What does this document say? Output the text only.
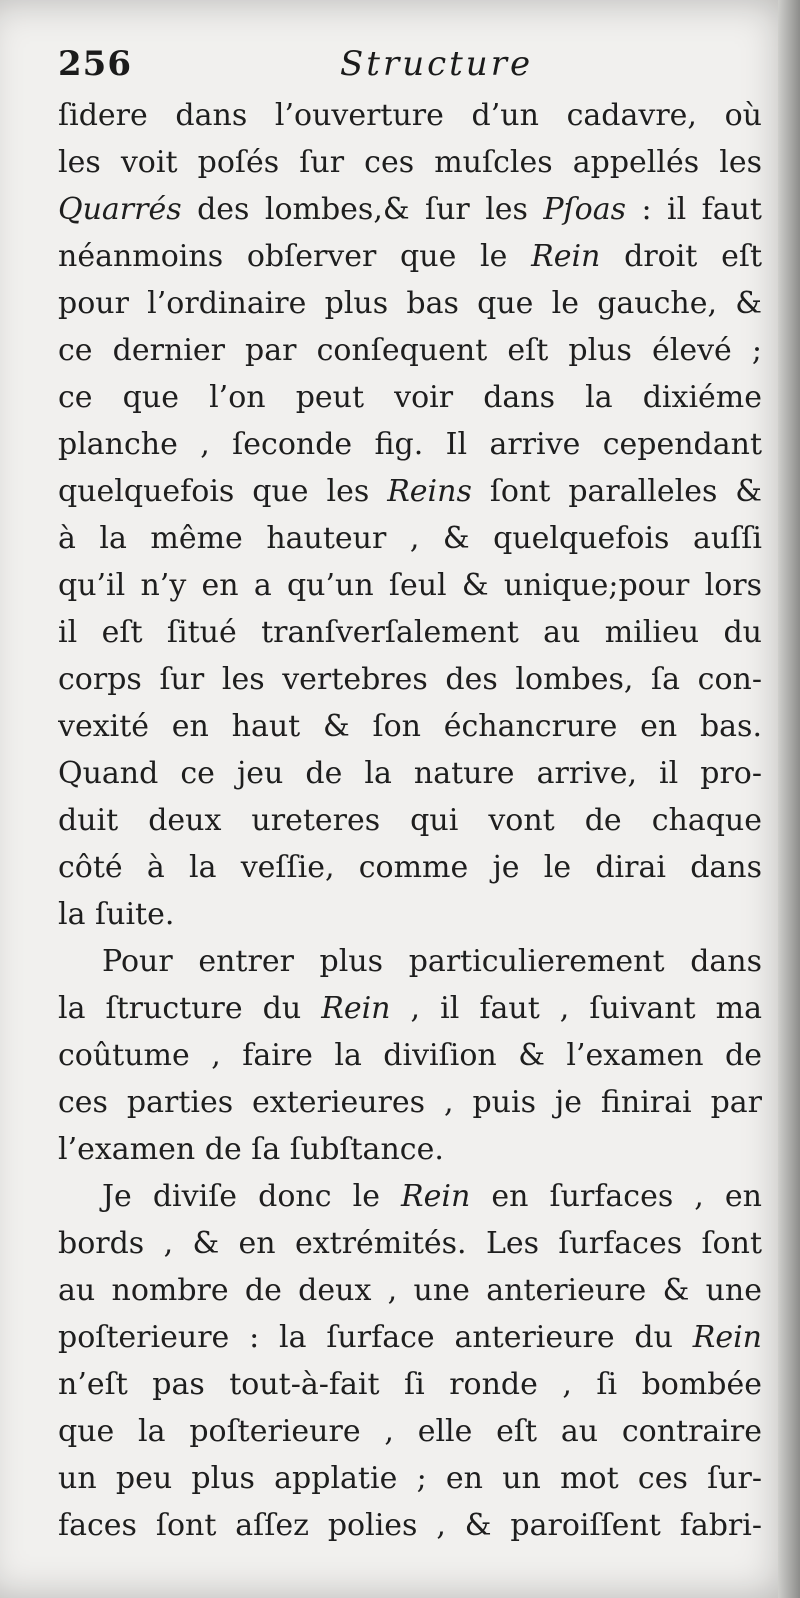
256	Structure
ſidere dans l’ouverture d’un cadavre, où
les voit poſés ſur ces muſcles appellés les
Quarrés des lombes,& ſur les Pſoas : il faut
néanmoins obſerver que le Rein droit eſt
pour l’ordinaire plus bas que le gauche, &
ce dernier par conſequent eſt plus élevé ;
ce que l’on peut voir dans la dixiéme
planche , ſeconde fig. Il arrive cependant
quelquefois que les Reins ſont paralleles &
à la même hauteur , & quelquefois auſſi
qu’il n’y en a qu’un ſeul & unique;pour lors
il eſt ſitué tranſverſalement au milieu du
corps ſur les vertebres des lombes, ſa con-
vexité en haut & ſon échancrure en bas.
Quand ce jeu de la nature arrive, il pro-
duit deux ureteres qui vont de chaque
côté à la veſſie, comme je le dirai dans
la ſuite.
Pour entrer plus particulierement dans
la ſtructure du Rein , il faut , ſuivant ma
coûtume , faire la diviſion & l’examen de
ces parties exterieures , puis je finirai par
l’examen de ſa ſubſtance.
Je diviſe donc le Rein en ſurfaces , en
bords , & en extrémités. Les ſurfaces ſont
au nombre de deux , une anterieure & une
poſterieure : la ſurface anterieure du Rein
n’eſt pas tout-à-fait ſi ronde , ſi bombée
que la poſterieure , elle eſt au contraire
un peu plus applatie ; en un mot ces ſur-
faces ſont aſſez polies , & paroiſſent fabri-
